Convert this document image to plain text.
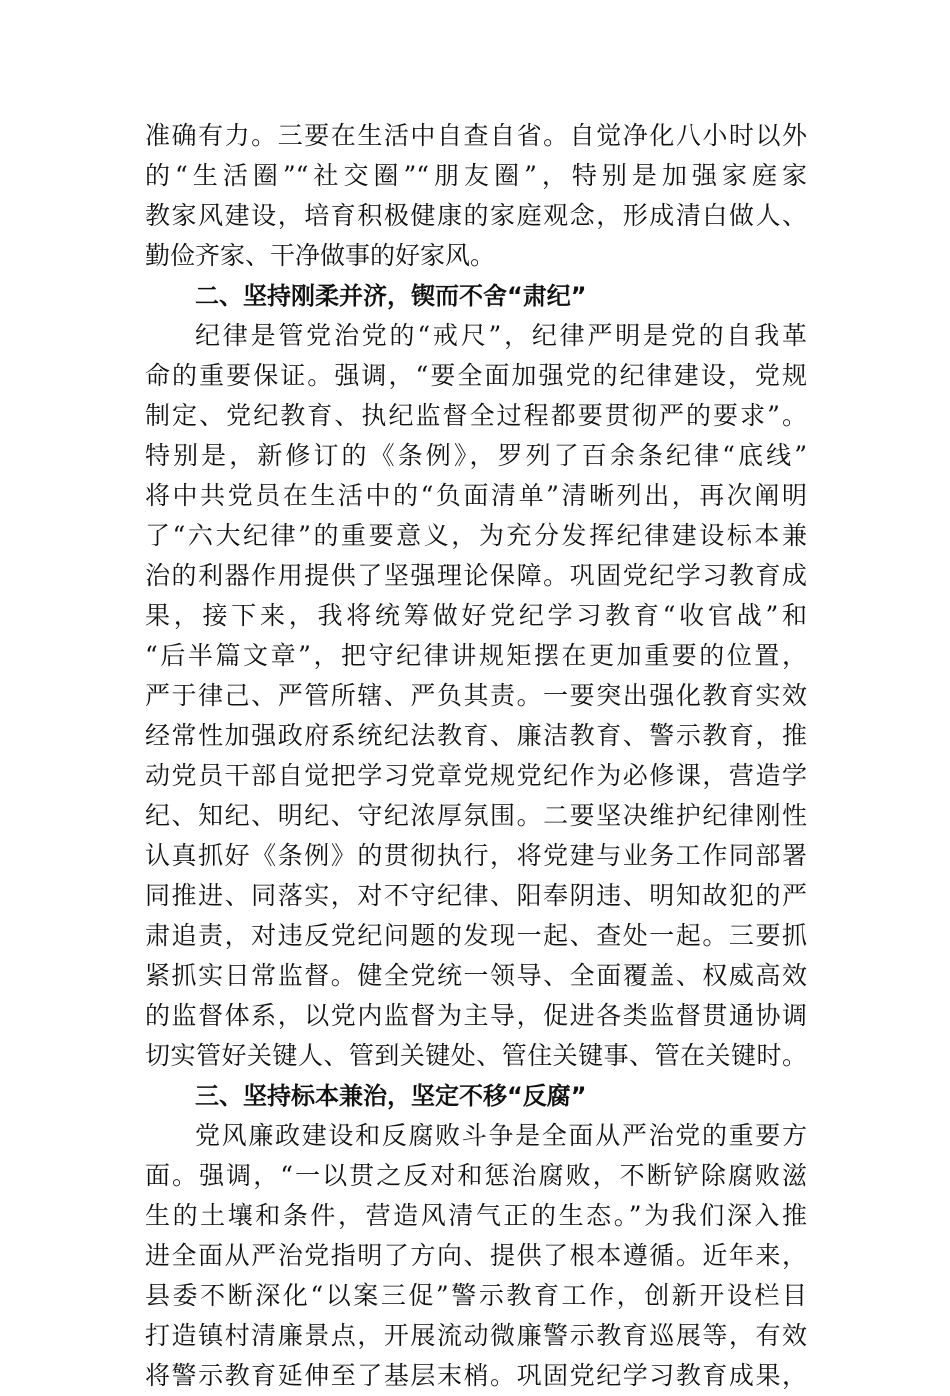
准确有力。三要在生活中自查自省。自觉净化八小时以外
的“生活圈”“社交圈”“朋友圈”，特别是加强家庭家
教家风建设，培育积极健康的家庭观念，形成清白做人、
勤俭齐家、干净做事的好家风。
二、坚持刚柔并济，锲而不舍“肃纪”
纪律是管党治党的“戒尺”，纪律严明是党的自我革
命的重要保证。强调，“要全面加强党的纪律建设，党规
制定、党纪教育、执纪监督全过程都要贯彻严的要求”。
特别是，新修订的《条例》，罗列了百余条纪律“底线”
将中共党员在生活中的“负面清单”清晰列出，再次阐明
了“六大纪律”的重要意义，为充分发挥纪律建设标本兼
治的利器作用提供了坚强理论保障。巩固党纪学习教育成
果，接下来，我将统筹做好党纪学习教育“收官战”和
“后半篇文章”，把守纪律讲规矩摆在更加重要的位置，
严于律己、严管所辖、严负其责。一要突出强化教育实效
经常性加强政府系统纪法教育、廉洁教育、警示教育，推
动党员干部自觉把学习党章党规党纪作为必修课，营造学
纪、知纪、明纪、守纪浓厚氛围。二要坚决维护纪律刚性
认真抓好《条例》的贯彻执行，将党建与业务工作同部署
同推进、同落实，对不守纪律、阳奉阴违、明知故犯的严
肃追责，对违反党纪问题的发现一起、查处一起。三要抓
紧抓实日常监督。健全党统一领导、全面覆盖、权威高效
的监督体系，以党内监督为主导，促进各类监督贯通协调
切实管好关键人、管到关键处、管住关键事、管在关键时。
三、坚持标本兼治，坚定不移“反腐”
党风廉政建设和反腐败斗争是全面从严治党的重要方
面。强调，“一以贯之反对和惩治腐败，不断铲除腐败滋
生的土壤和条件，营造风清气正的生态。”为我们深入推
进全面从严治党指明了方向、提供了根本遵循。近年来，
县委不断深化“以案三促”警示教育工作，创新开设栏目
打造镇村清廉景点，开展流动微廉警示教育巡展等，有效
将警示教育延伸至了基层末梢。巩固党纪学习教育成果，
